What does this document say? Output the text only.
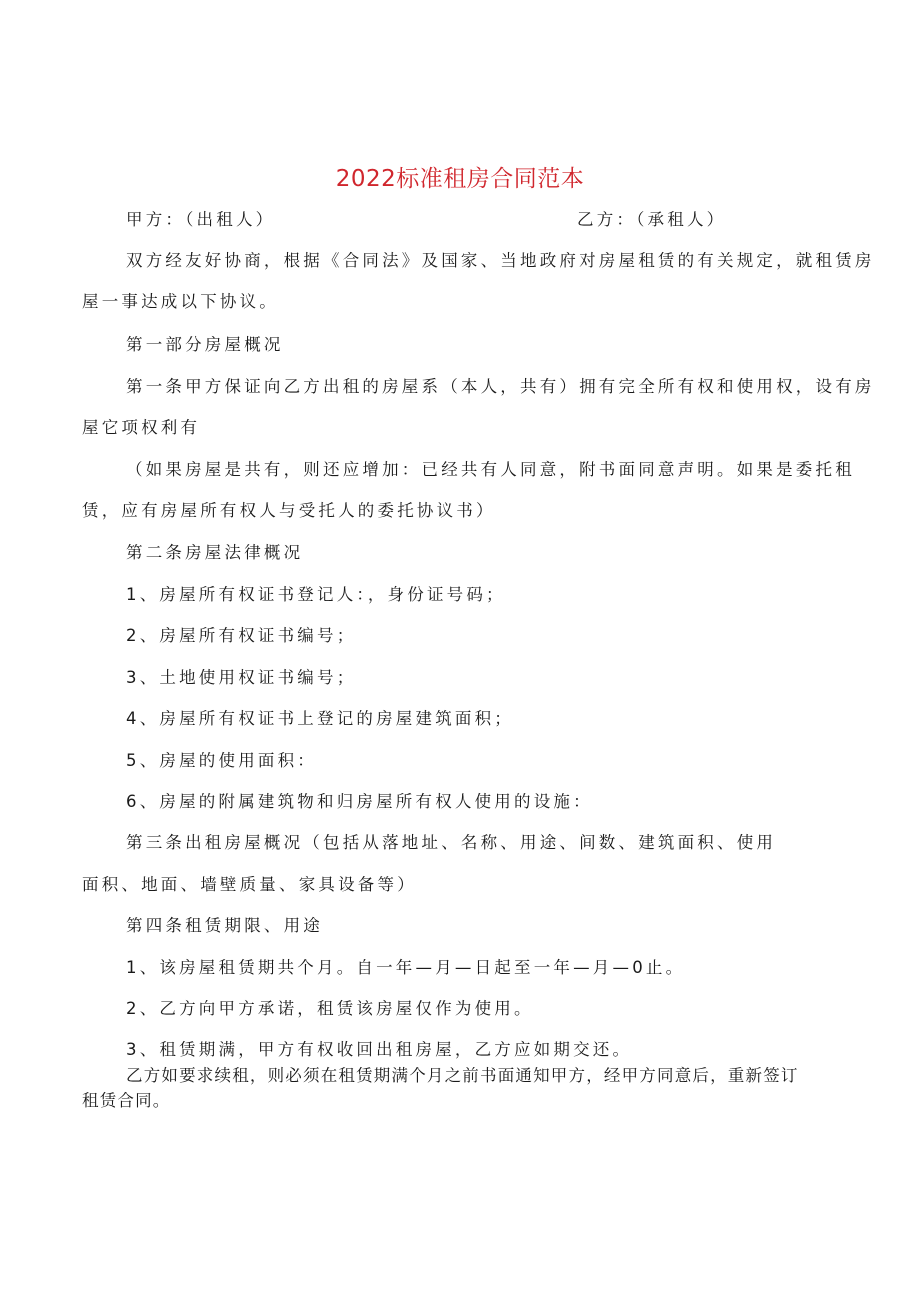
2022标准租房合同范本
甲方：（出租人）	乙方：（承租人）
双方经友好协商，根据《合同法》及国家、当地政府对房屋租赁的有关规定，就租赁房
屋一事达成以下协议。
第一部分房屋概况
第一条甲方保证向乙方出租的房屋系（本人，共有）拥有完全所有权和使用权，设有房
屋它项权利有
（如果房屋是共有，则还应增加：已经共有人同意，附书面同意声明。如果是委托租
赁，应有房屋所有权人与受托人的委托协议书）
第二条房屋法律概况
1、房屋所有权证书登记人：，身份证号码；
2、房屋所有权证书编号；
3、土地使用权证书编号；
4、房屋所有权证书上登记的房屋建筑面积；
5、房屋的使用面积：
6、房屋的附属建筑物和归房屋所有权人使用的设施：
第三条出租房屋概况（包括从落地址、名称、用途、间数、建筑面积、使用
面积、地面、墙壁质量、家具设备等）
第四条租赁期限、用途
1、该房屋租赁期共个月。自一年—月—日起至一年—月—0止。
2、乙方向甲方承诺，租赁该房屋仅作为使用。
3、租赁期满，甲方有权收回出租房屋，乙方应如期交还。
乙方如要求续租，则必须在租赁期满个月之前书面通知甲方，经甲方同意后，重新签订
租赁合同。
